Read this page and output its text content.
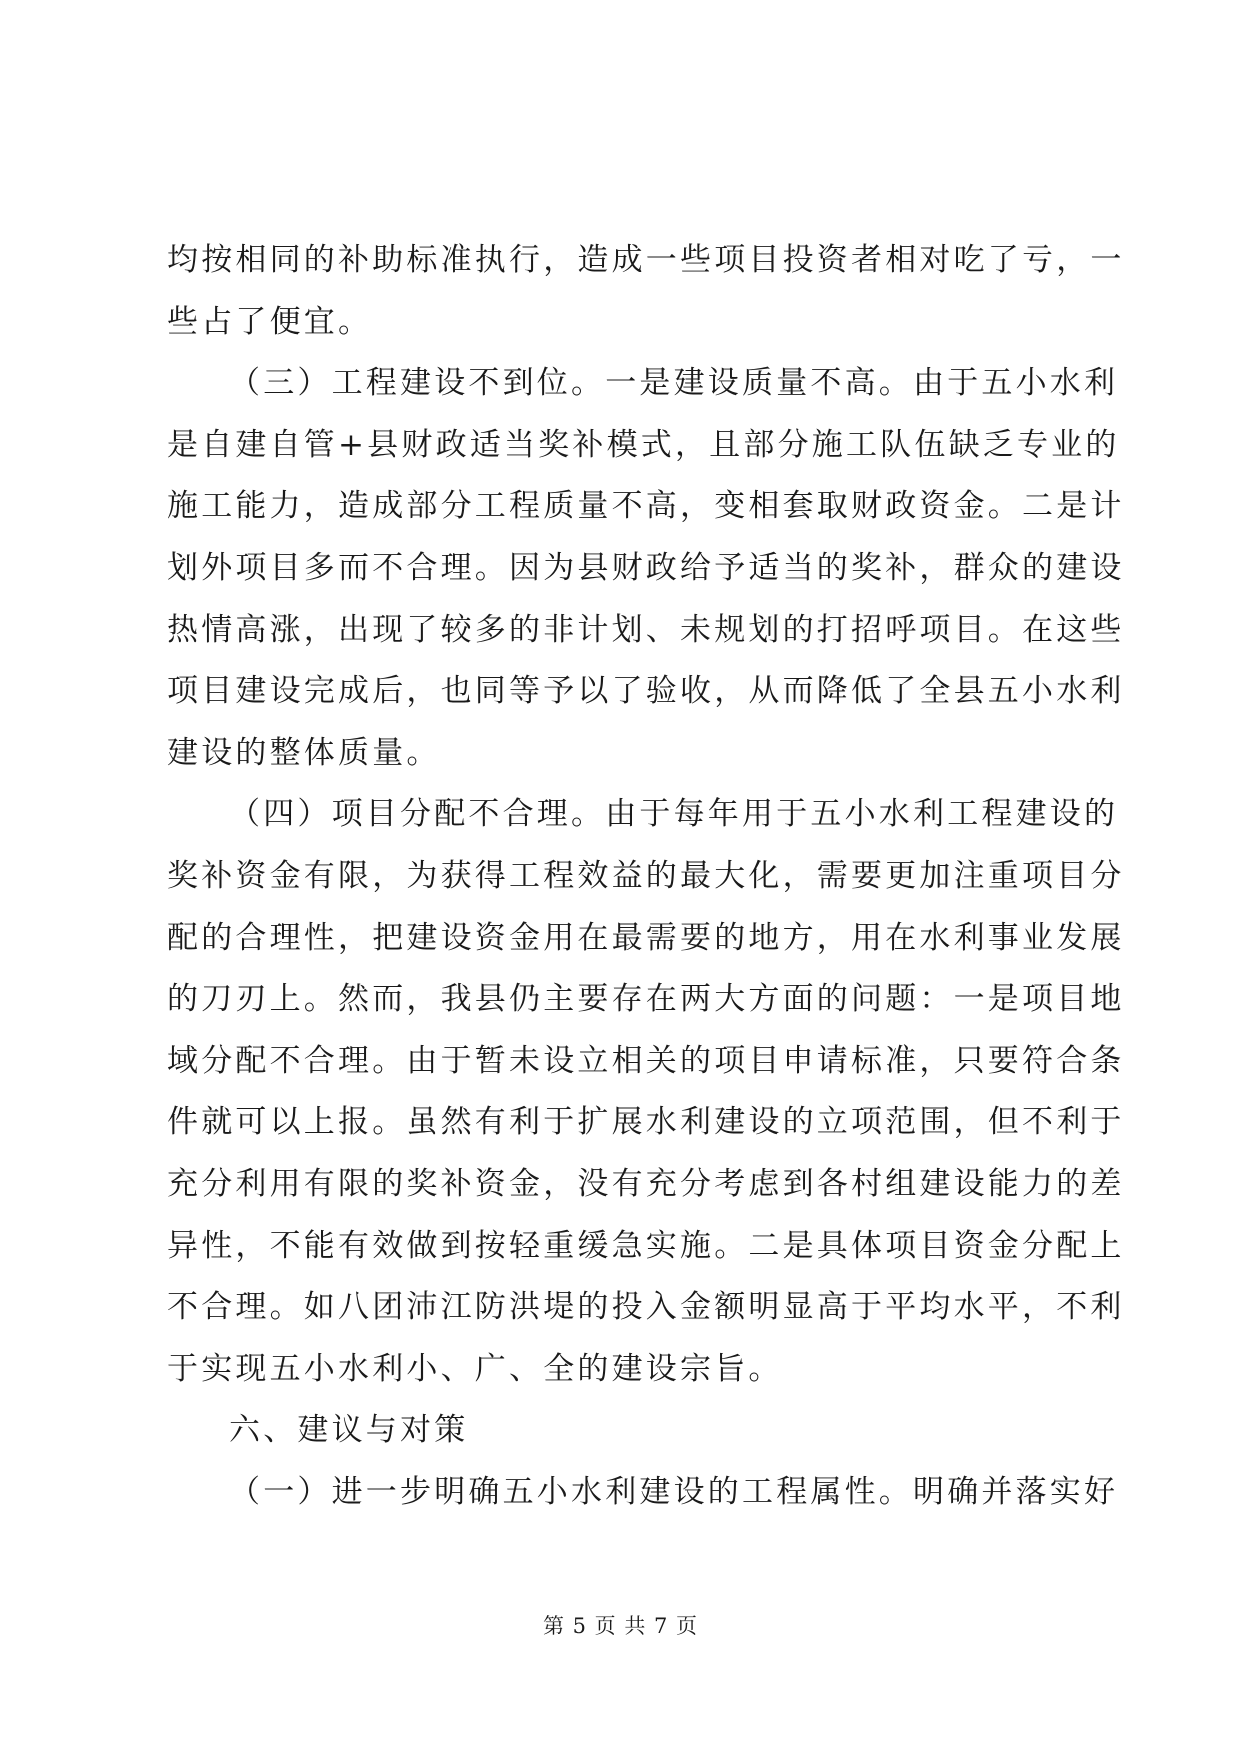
均按相同的补助标准执行，造成一些项目投资者相对吃了亏，一
些占了便宜。
（三）工程建设不到位。一是建设质量不高。由于五小水利
是自建自管+县财政适当奖补模式，且部分施工队伍缺乏专业的
施工能力，造成部分工程质量不高，变相套取财政资金。二是计
划外项目多而不合理。因为县财政给予适当的奖补，群众的建设
热情高涨，出现了较多的非计划、未规划的打招呼项目。在这些
项目建设完成后，也同等予以了验收，从而降低了全县五小水利
建设的整体质量。
（四）项目分配不合理。由于每年用于五小水利工程建设的
奖补资金有限，为获得工程效益的最大化，需要更加注重项目分
配的合理性，把建设资金用在最需要的地方，用在水利事业发展
的刀刃上。然而，我县仍主要存在两大方面的问题：一是项目地
域分配不合理。由于暂未设立相关的项目申请标准，只要符合条
件就可以上报。虽然有利于扩展水利建设的立项范围，但不利于
充分利用有限的奖补资金，没有充分考虑到各村组建设能力的差
异性，不能有效做到按轻重缓急实施。二是具体项目资金分配上
不合理。如八团沛江防洪堤的投入金额明显高于平均水平，不利
于实现五小水利小、广、全的建设宗旨。
六、建议与对策
（一）进一步明确五小水利建设的工程属性。明确并落实好
第 5 页 共 7 页
